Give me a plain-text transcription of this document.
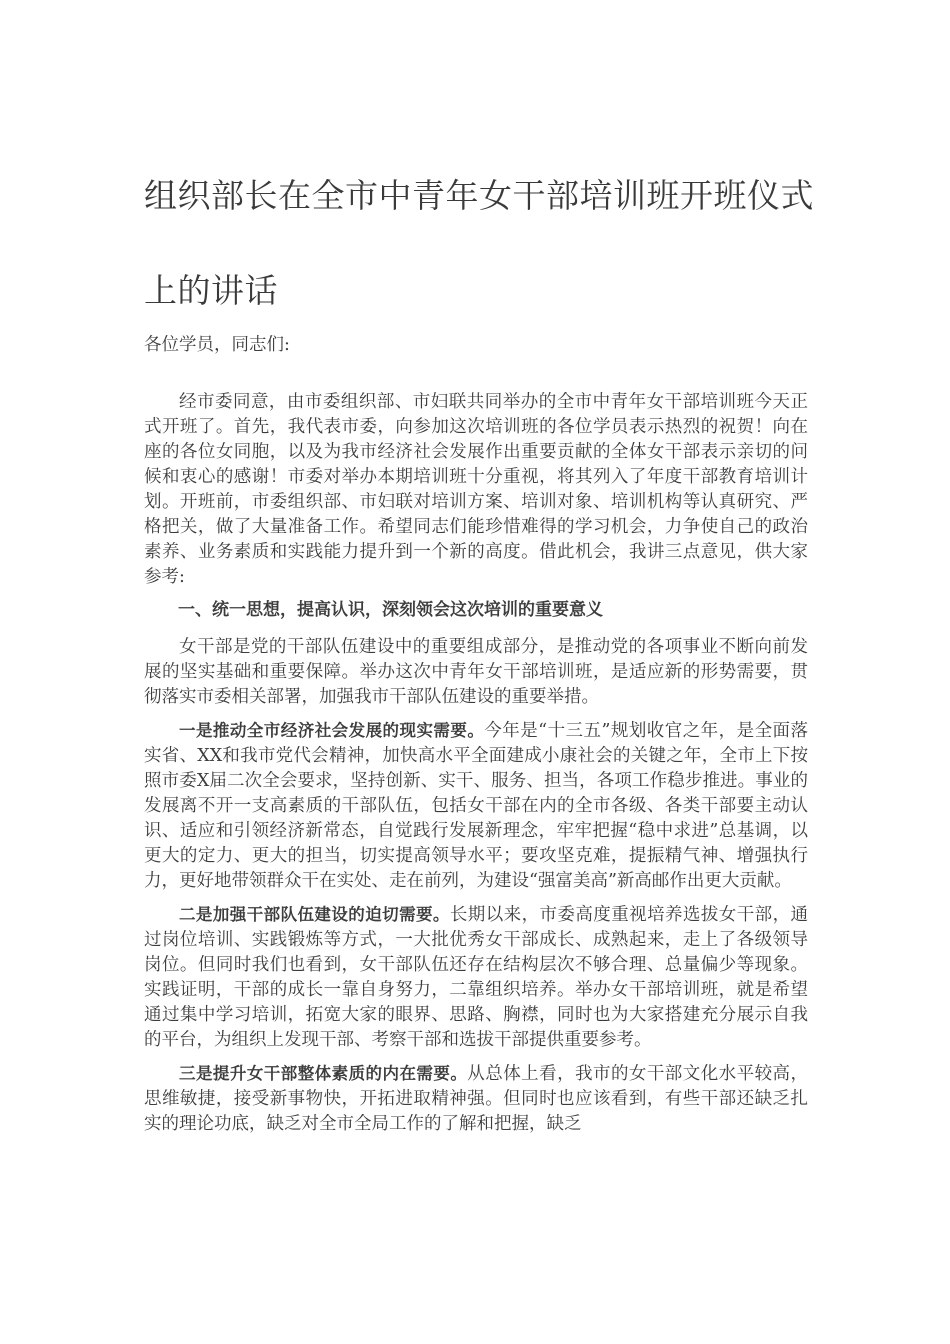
组织部长在全市中青年女干部培训班开班仪式上的讲话

各位学员，同志们:

经市委同意，由市委组织部、市妇联共同举办的全市中青年女干部培训班今天正式开班了。首先，我代表市委，向参加这次培训班的各位学员表示热烈的祝贺！向在座的各位女同胞，以及为我市经济社会发展作出重要贡献的全体女干部表示亲切的问候和衷心的感谢！市委对举办本期培训班十分重视，将其列入了年度干部教育培训计划。开班前，市委组织部、市妇联对培训方案、培训对象、培训机构等认真研究、严格把关，做了大量准备工作。希望同志们能珍惜难得的学习机会，力争使自己的政治素养、业务素质和实践能力提升到一个新的高度。借此机会，我讲三点意见，供大家参考:

一、统一思想，提高认识，深刻领会这次培训的重要意义

女干部是党的干部队伍建设中的重要组成部分，是推动党的各项事业不断向前发展的坚实基础和重要保障。举办这次中青年女干部培训班，是适应新的形势需要，贯彻落实市委相关部署，加强我市干部队伍建设的重要举措。

一是推动全市经济社会发展的现实需要。今年是“十三五”规划收官之年，是全面落实省、XX和我市党代会精神，加快高水平全面建成小康社会的关键之年，全市上下按照市委X届二次全会要求，坚持创新、实干、服务、担当，各项工作稳步推进。事业的发展离不开一支高素质的干部队伍，包括女干部在内的全市各级、各类干部要主动认识、适应和引领经济新常态，自觉践行发展新理念，牢牢把握“稳中求进”总基调，以更大的定力、更大的担当，切实提高领导水平；要攻坚克难，提振精气神、增强执行力，更好地带领群众干在实处、走在前列，为建设“强富美高”新高邮作出更大贡献。

二是加强干部队伍建设的迫切需要。长期以来，市委高度重视培养选拔女干部，通过岗位培训、实践锻炼等方式，一大批优秀女干部成长、成熟起来，走上了各级领导岗位。但同时我们也看到，女干部队伍还存在结构层次不够合理、总量偏少等现象。实践证明，干部的成长一靠自身努力，二靠组织培养。举办女干部培训班，就是希望通过集中学习培训，拓宽大家的眼界、思路、胸襟，同时也为大家搭建充分展示自我的平台，为组织上发现干部、考察干部和选拔干部提供重要参考。

三是提升女干部整体素质的内在需要。从总体上看，我市的女干部文化水平较高，思维敏捷，接受新事物快，开拓进取精神强。但同时也应该看到，有些干部还缺乏扎实的理论功底，缺乏对全市全局工作的了解和把握，缺乏
